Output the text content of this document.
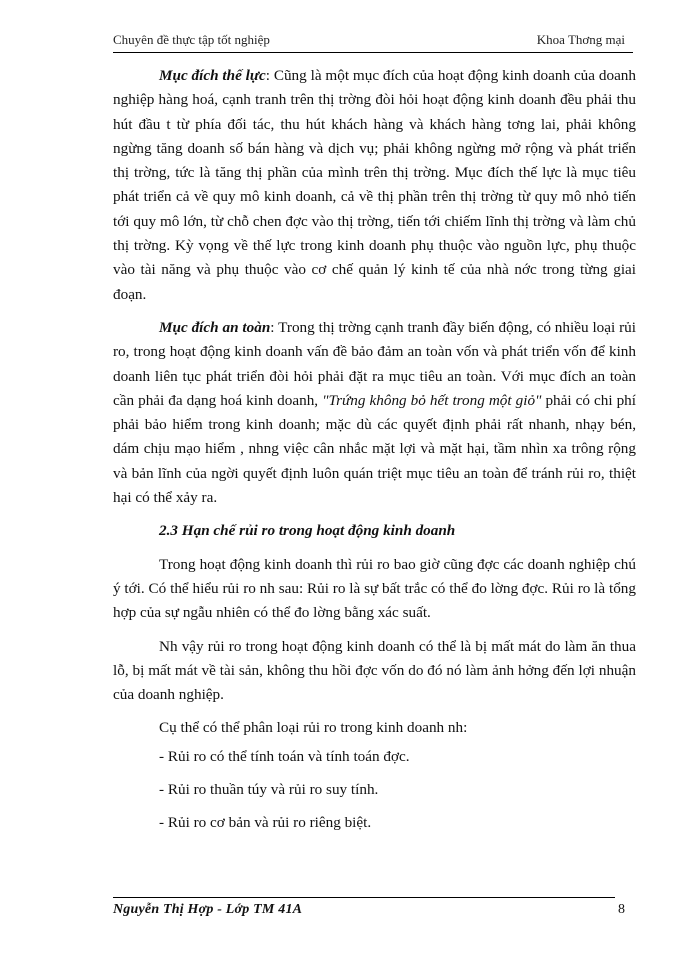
Chuyên đề thực tập tốt nghiệp	Khoa Thơng mại

Mục đích thế lực: Cũng là một mục đích của hoạt động kinh doanh của doanh nghiệp hàng hoá, cạnh tranh trên thị trờng đòi hỏi hoạt động kinh doanh đều phải thu hút đầu t từ phía đối tác, thu hút khách hàng và khách hàng tơng lai, phải không ngừng tăng doanh số bán hàng và dịch vụ; phải không ngừng mở rộng và phát triển thị trờng, tức là tăng thị phần của mình trên thị trờng. Mục đích thế lực là mục tiêu phát triển cả về quy mô kinh doanh, cả về thị phần trên thị trờng từ quy mô nhỏ tiến tới quy mô lớn, từ chỗ chen đợc vào thị trờng, tiến tới chiếm lĩnh thị trờng và làm chủ thị trờng. Kỳ vọng về thế lực trong kinh doanh phụ thuộc vào nguồn lực, phụ thuộc vào tài năng và phụ thuộc vào cơ chế quản lý kinh tế của nhà nớc trong từng giai đoạn.

Mục đích an toàn: Trong thị trờng cạnh tranh đầy biến động, có nhiều loại rủi ro, trong hoạt động kinh doanh vấn đề bảo đảm an toàn vốn và phát triển vốn để kinh doanh liên tục phát triển đòi hỏi phải đặt ra mục tiêu an toàn. Với mục đích an toàn cần phải đa dạng hoá kinh doanh, "Trứng không bỏ hết trong một giỏ" phải có chi phí phải bảo hiểm trong kinh doanh; mặc dù các quyết định phải rất nhanh, nhạy bén, dám chịu mạo hiểm , nhng việc cân nhắc mặt lợi và mặt hại, tầm nhìn xa trông rộng và bản lĩnh của ngời quyết định luôn quán triệt mục tiêu an toàn để tránh rủi ro, thiệt hại có thể xảy ra.

2.3 Hạn chế rủi ro trong hoạt động kinh doanh

Trong hoạt động kinh doanh thì rủi ro bao giờ cũng đợc các doanh nghiệp chú ý tới. Có thể hiểu rủi ro nh sau: Rủi ro là sự bất trắc có thể đo lờng đợc. Rủi ro là tổng hợp của sự ngẫu nhiên có thể đo lờng bằng xác suất.

Nh vậy rủi ro trong hoạt động kinh doanh có thể là bị mất mát do làm ăn thua lỗ, bị mất mát về tài sản, không thu hồi đợc vốn do đó nó làm ảnh hởng đến lợi nhuận của doanh nghiệp.

Cụ thể có thể phân loại rủi ro trong kinh doanh nh:

- Rủi ro có thể tính toán và tính toán đợc.

- Rủi ro thuần túy và rủi ro suy tính.

- Rủi ro cơ bản và rủi ro riêng biệt.

Nguyễn Thị Hợp - Lớp TM 41A	8
